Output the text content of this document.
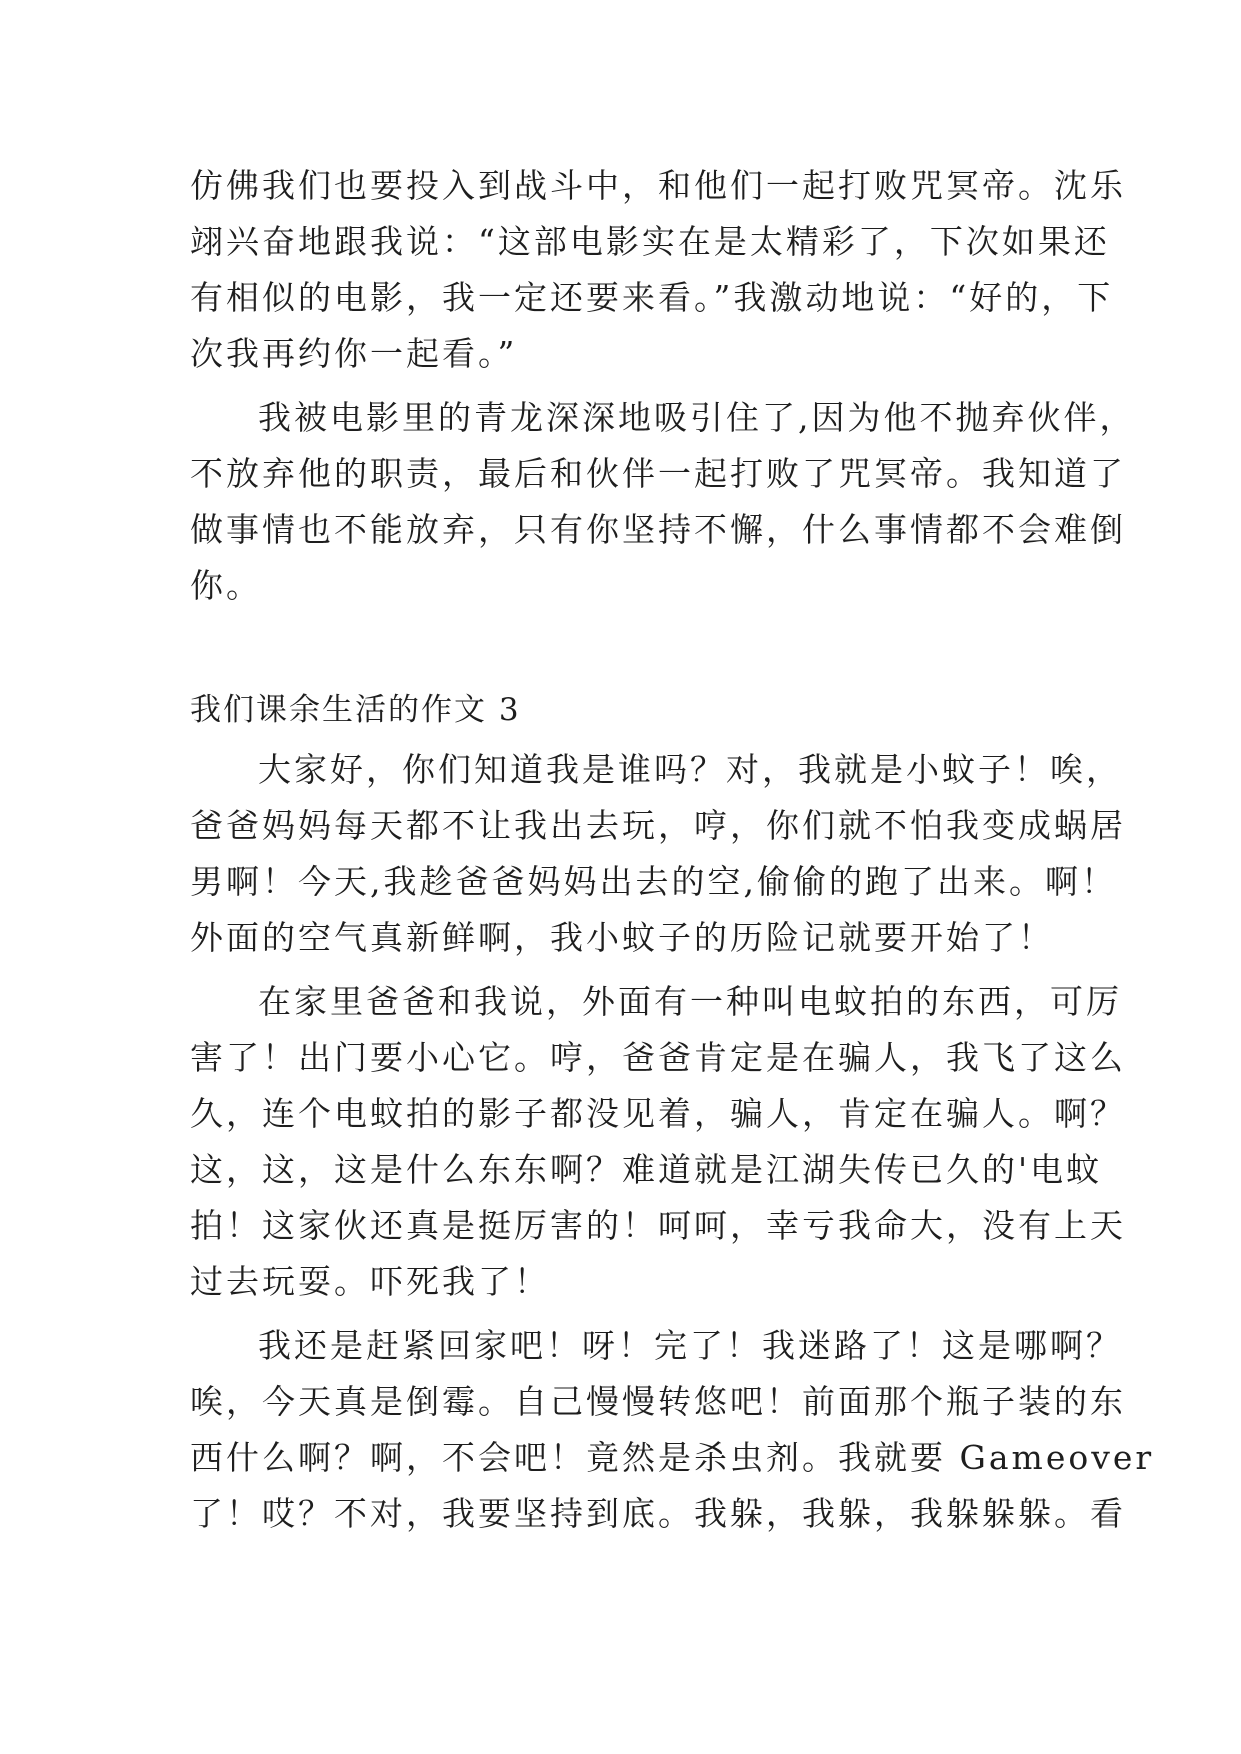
仿佛我们也要投入到战斗中，和他们一起打败咒冥帝。沈乐
翊兴奋地跟我说：“这部电影实在是太精彩了，下次如果还
有相似的电影，我一定还要来看。”我激动地说：“好的，下
次我再约你一起看。”
我被电影里的青龙深深地吸引住了,因为他不抛弃伙伴，
不放弃他的职责，最后和伙伴一起打败了咒冥帝。我知道了
做事情也不能放弃，只有你坚持不懈，什么事情都不会难倒
你。
我们课余生活的作文 3
大家好，你们知道我是谁吗？对，我就是小蚊子！唉，
爸爸妈妈每天都不让我出去玩，哼，你们就不怕我变成蜗居
男啊！今天,我趁爸爸妈妈出去的空,偷偷的跑了出来。啊！
外面的空气真新鲜啊，我小蚊子的历险记就要开始了！
在家里爸爸和我说，外面有一种叫电蚊拍的东西，可厉
害了！出门要小心它。哼，爸爸肯定是在骗人，我飞了这么
久，连个电蚊拍的影子都没见着，骗人，肯定在骗人。啊？
这，这，这是什么东东啊？难道就是江湖失传已久的'电蚊
拍！这家伙还真是挺厉害的！呵呵，幸亏我命大，没有上天
过去玩耍。吓死我了！
我还是赶紧回家吧！呀！完了！我迷路了！这是哪啊？
唉，今天真是倒霉。自己慢慢转悠吧！前面那个瓶子装的东
西什么啊？啊，不会吧！竟然是杀虫剂。我就要 Gameover
了！哎？不对，我要坚持到底。我躲，我躲，我躲躲躲。看
